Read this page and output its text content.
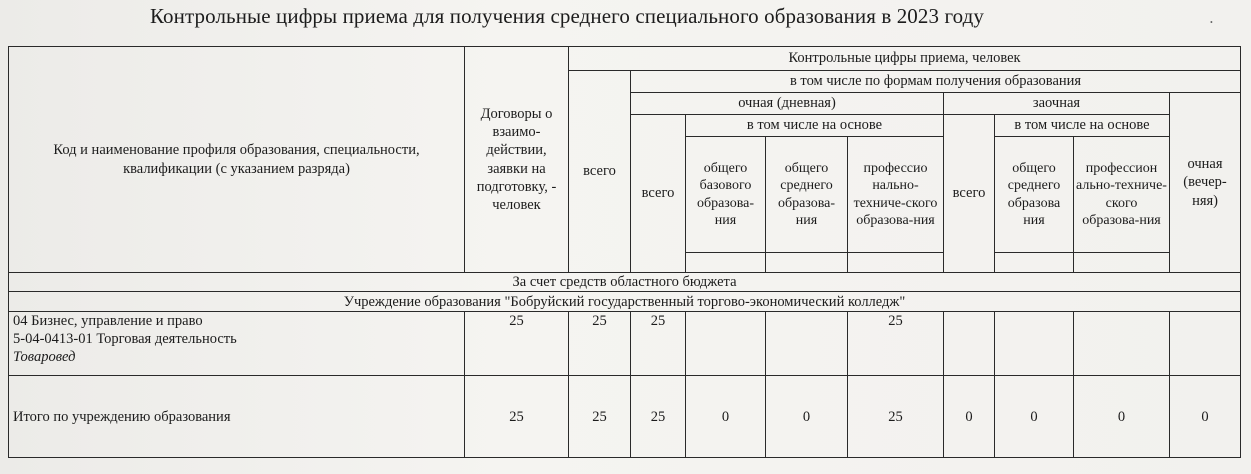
Контрольные цифры приема для получения среднего специального образования в 2023 году	•
Код и наименование профиля образования, специальности, квалификации (с указанием разряда)	Договоры о взаимо-действии, заявки на подготовку, - человек	Контрольные цифры приема, человек								
		всего	в том числе по формам получения образования							
			очная (дневная)				заочная			очная (вечер-няя)
			всего	в том числе на основе			всего	в том числе на основе		
				общего базового образова-ния	общего среднего образова-ния	профессио нально-техниче-ского образова-ния		общего среднего образова ния	профессион ально-техниче-ского образова-ния	

За счет средств областного бюджета										
Учреждение образования "Бобруйский государственный торгово-экономический колледж"										

04 Бизнес, управление и право
5-04-0413-01 Торговая деятельность
Товаровед	25	25	25			25				
Итого по учреждению образования	25	25	25	0	0	25	0	0	0	0
